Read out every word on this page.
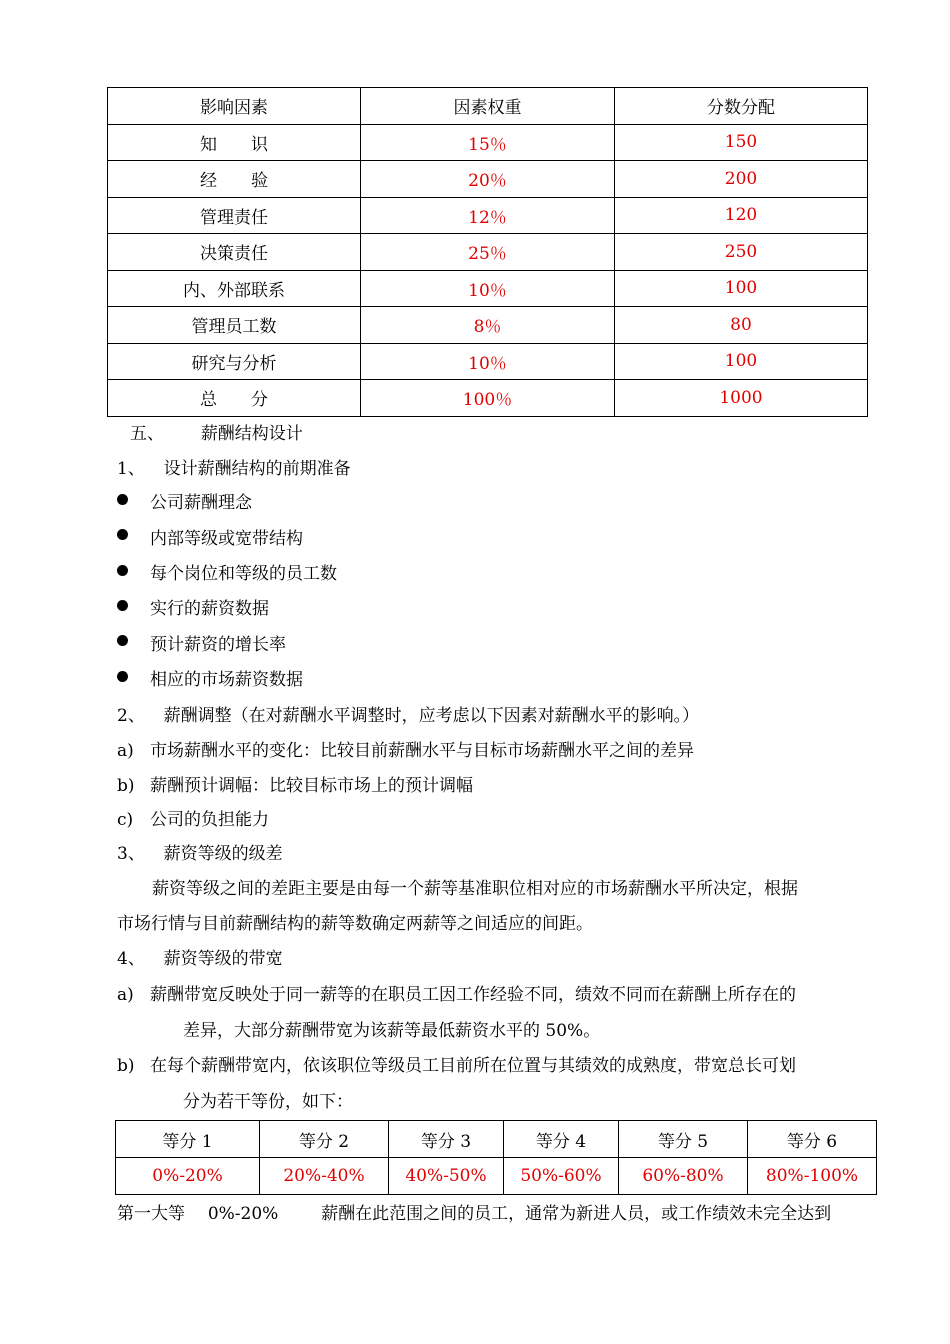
影响因素	因素权重	分数分配
知　　识	15％	150
经　　验	20％	200
管理责任	12％	120
决策责任	25％	250
内、外部联系	10％	100
管理员工数	8％	80
研究与分析	10％	100
总　　分	100％	1000
五、 薪酬结构设计
1、 设计薪酬结构的前期准备
公司薪酬理念
内部等级或宽带结构
每个岗位和等级的员工数
实行的薪资数据
预计薪资的增长率
相应的市场薪资数据
2、 薪酬调整（在对薪酬水平调整时，应考虑以下因素对薪酬水平的影响。）
a) 市场薪酬水平的变化：比较目前薪酬水平与目标市场薪酬水平之间的差异
b) 薪酬预计调幅：比较目标市场上的预计调幅
c) 公司的负担能力
3、 薪资等级的级差
薪资等级之间的差距主要是由每一个薪等基准职位相对应的市场薪酬水平所决定，根据
市场行情与目前薪酬结构的薪等数确定两薪等之间适应的间距。
4、 薪资等级的带宽
a) 薪酬带宽反映处于同一薪等的在职员工因工作经验不同，绩效不同而在薪酬上所存在的
差异，大部分薪酬带宽为该薪等最低薪资水平的 50%。
b) 在每个薪酬带宽内，依该职位等级员工目前所在位置与其绩效的成熟度，带宽总长可划
分为若干等份，如下：
等分 1	等分 2	等分 3	等分 4	等分 5	等分 6
0%-20%	20%-40%	40%-50%	50%-60%	60%-80%	80%-100%
第一大等 0%-20%	薪酬在此范围之间的员工，通常为新进人员，或工作绩效未完全达到
